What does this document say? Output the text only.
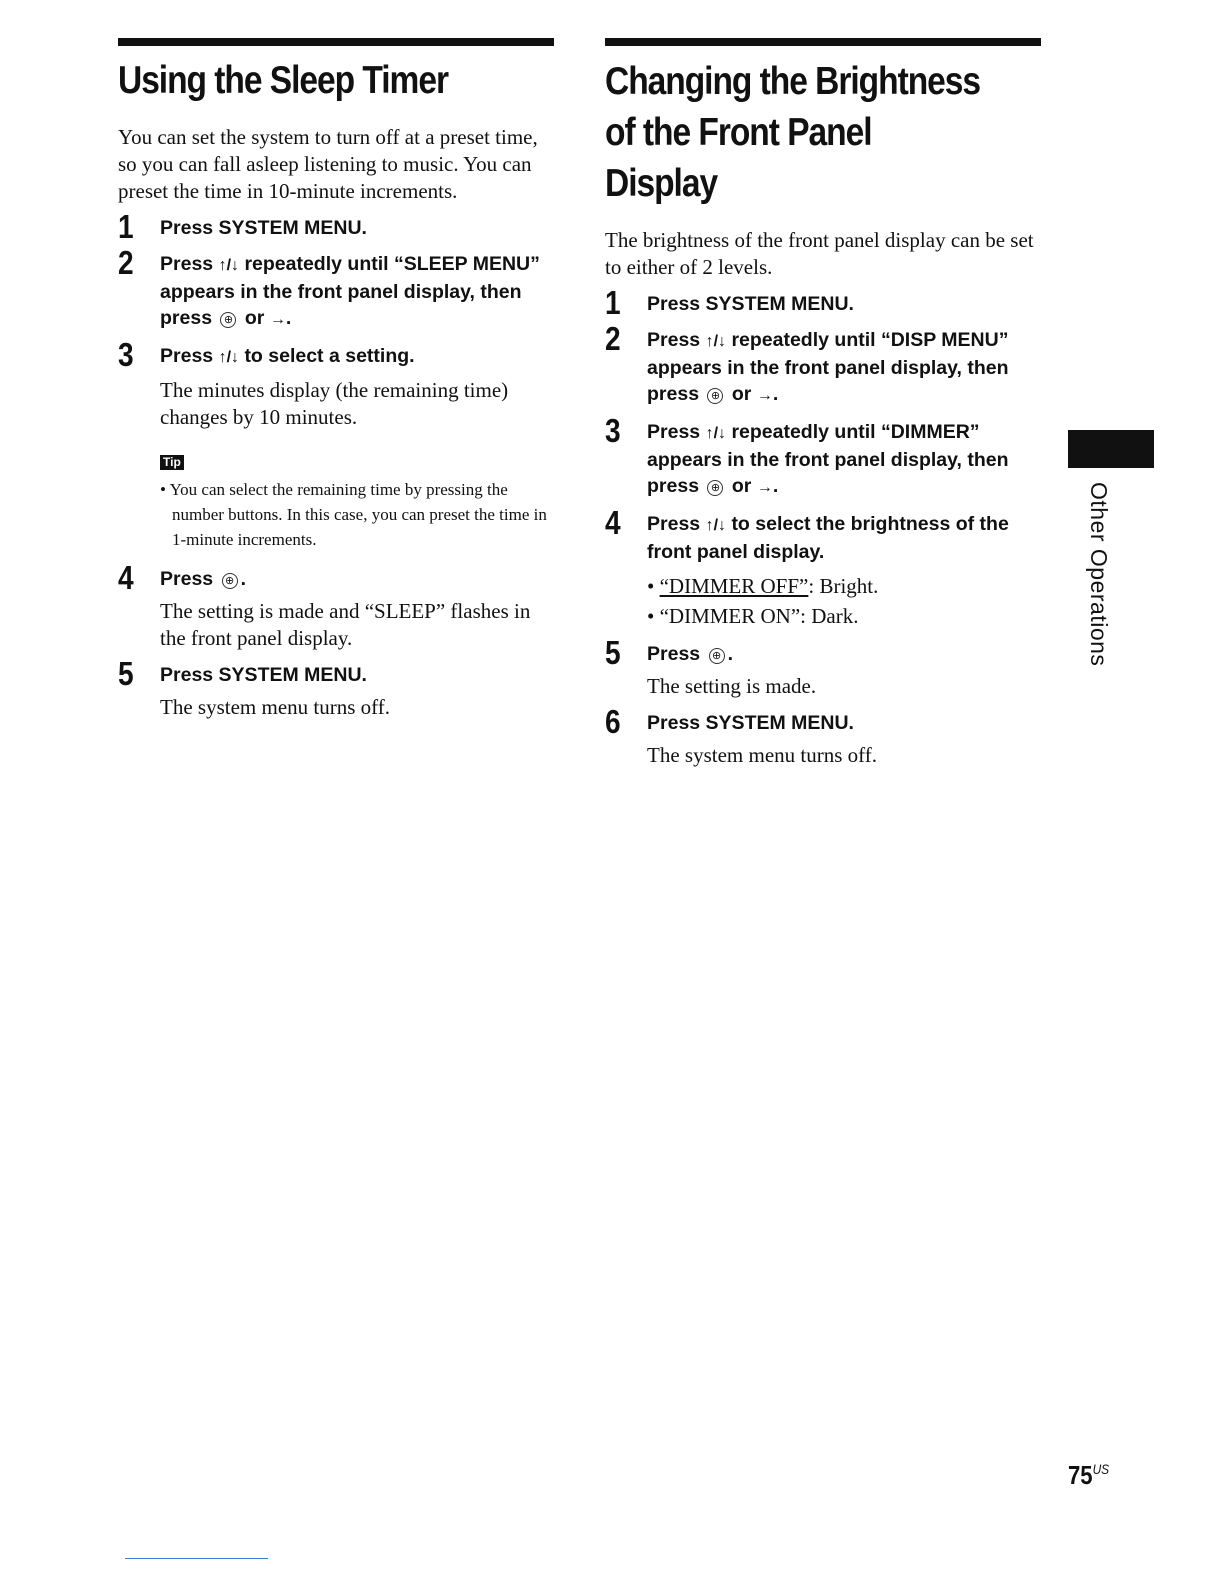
Using the Sleep Timer
You can set the system to turn off at a preset time, so you can fall asleep listening to music. You can preset the time in 10-minute increments.
1 Press SYSTEM MENU.
2 Press ↑/↓ repeatedly until “SLEEP MENU” appears in the front panel display, then press ⊕ or →.
3 Press ↑/↓ to select a setting.
The minutes display (the remaining time) changes by 10 minutes.
Tip
• You can select the remaining time by pressing the number buttons. In this case, you can preset the time in 1-minute increments.
4 Press ⊕ .
The setting is made and “SLEEP” flashes in the front panel display.
5 Press SYSTEM MENU.
The system menu turns off.
Changing the Brightness
of the Front Panel
Display
The brightness of the front panel display can be set to either of 2 levels.
1 Press SYSTEM MENU.
2 Press ↑/↓ repeatedly until “DISP MENU” appears in the front panel display, then press ⊕ or →.
3 Press ↑/↓ repeatedly until “DIMMER” appears in the front panel display, then press ⊕ or →.
4 Press ↑/↓ to select the brightness of the front panel display.
• “DIMMER OFF”: Bright.
• “DIMMER ON”: Dark.
5 Press ⊕ .
The setting is made.
6 Press SYSTEM MENU.
The system menu turns off.
Other Operations
$75^{US}$
